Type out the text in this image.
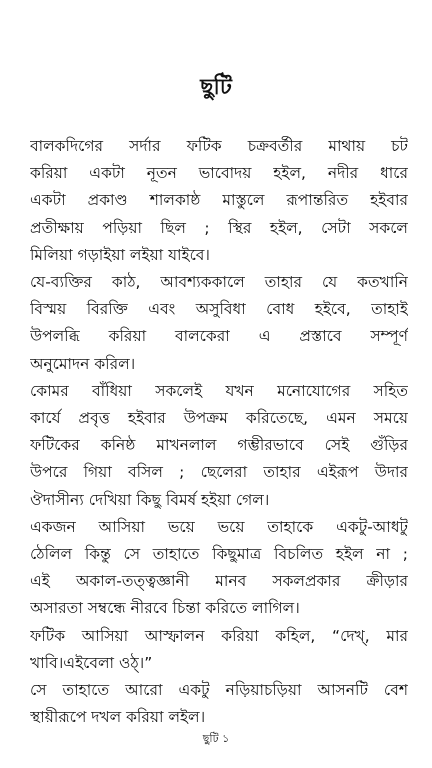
ছুটি
বালকদিগের সর্দার ফটিক চক্রবর্তীর মাথায় চট
করিয়া একটা নূতন ভাবোদয় হইল, নদীর ধারে
একটা প্রকাণ্ড শালকাষ্ঠ মাস্তুলে রূপান্তরিত হইবার
প্রতীক্ষায় পড়িয়া ছিল ; স্থির হইল, সেটা সকলে
মিলিয়া গড়াইয়া লইয়া যাইবে।
যে-ব্যক্তির কাঠ, আবশ্যককালে তাহার যে কতখানি
বিস্ময় বিরক্তি এবং অসুবিধা বোধ হইবে, তাহাই
উপলব্ধি করিয়া বালকেরা এ প্রস্তাবে সম্পূর্ণ
অনুমোদন করিল।
কোমর বাঁধিয়া সকলেই যখন মনোযোগের সহিত
কার্যে প্রবৃত্ত হইবার উপক্রম করিতেছে, এমন সময়ে
ফটিকের কনিষ্ঠ মাখনলাল গম্ভীরভাবে সেই গুঁড়ির
উপরে গিয়া বসিল ; ছেলেরা তাহার এইরূপ উদার
ঔদাসীন্য দেখিয়া কিছু বিমর্ষ হইয়া গেল।
একজন আসিয়া ভয়ে ভয়ে তাহাকে একটু-আধটু
ঠেলিল কিন্তু সে তাহাতে কিছুমাত্র বিচলিত হইল না ;
এই অকাল-তত্ত্বজ্ঞানী মানব সকলপ্রকার ক্রীড়ার
অসারতা সম্বন্ধে নীরবে চিন্তা করিতে লাগিল।
ফটিক আসিয়া আস্ফালন করিয়া কহিল, “দেখ্, মার
খাবি।এইবেলা ওঠ্।”
সে তাহাতে আরো একটু নড়িয়াচড়িয়া আসনটি বেশ
স্থায়ীরূপে দখল করিয়া লইল।
ছুটি ১
